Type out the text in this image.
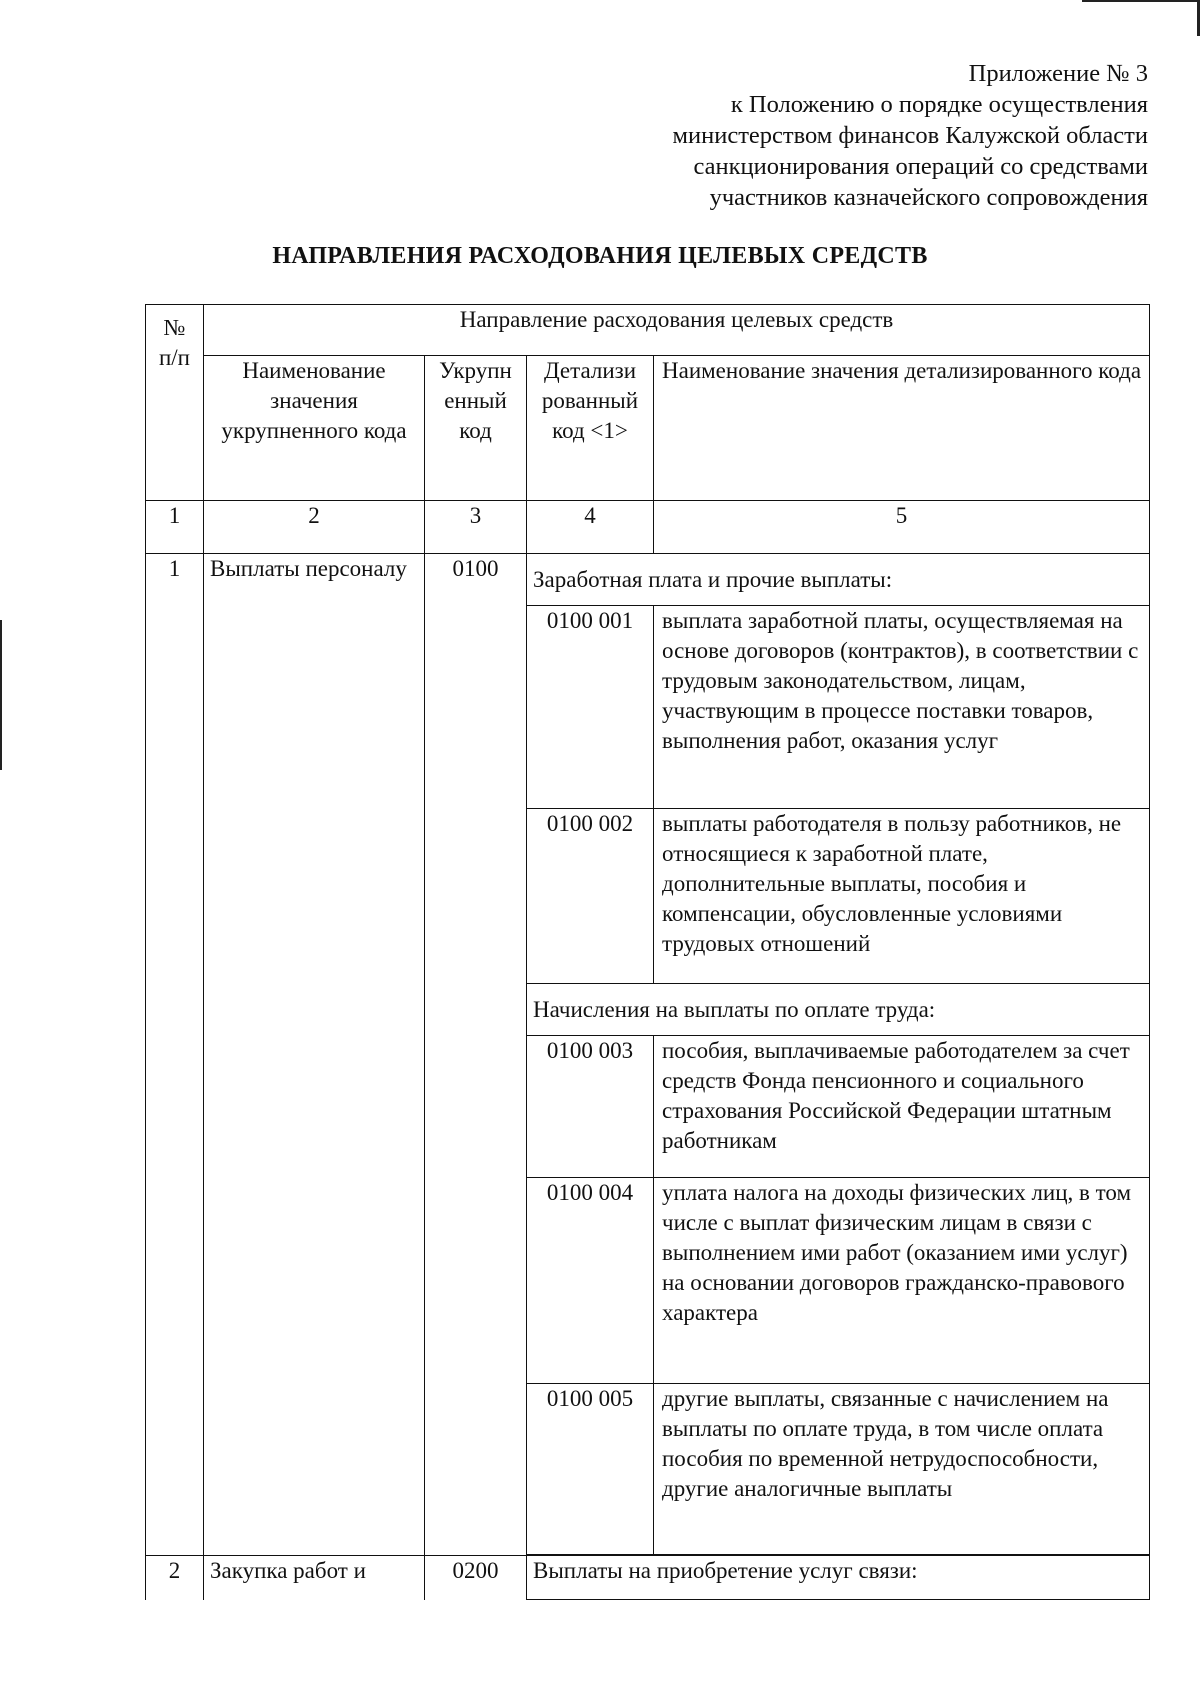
Приложение № 3
к Положению о порядке осуществления
министерством финансов Калужской области
санкционирования операций со средствами
участников казначейского сопровождения
НАПРАВЛЕНИЯ РАСХОДОВАНИЯ ЦЕЛЕВЫХ СРЕДСТВ
№ п/п	Направление расходования целевых средств			
	Наименование значения укрупненного кода	Укрупн енный код	Детализи рованный код <1>	Наименование значения детализированного кода
1	2	3	4	5
1	Выплаты персоналу	0100	Заработная плата и прочие выплаты:	
			0100 001	выплата заработной платы, осуществляемая на основе договоров (контрактов), в соответствии с трудовым законодательством, лицам, участвующим в процессе поставки товаров, выполнения работ, оказания услуг
			0100 002	выплаты работодателя в пользу работников, не относящиеся к заработной плате, дополнительные выплаты, пособия и компенсации, обусловленные условиями трудовых отношений
			Начисления на выплаты по оплате труда:	
			0100 003	пособия, выплачиваемые работодателем за счет средств Фонда пенсионного и социального страхования Российской Федерации штатным работникам
			0100 004	уплата налога на доходы физических лиц, в том числе с выплат физическим лицам в связи с выполнением ими работ (оказанием ими услуг) на основании договоров гражданско-правового характера
			0100 005	другие выплаты, связанные с начислением на выплаты по оплате труда, в том числе оплата пособия по временной нетрудоспособности, другие аналогичные выплаты

2	Закупка работ и	0200	Выплаты на приобретение услуг связи:	
